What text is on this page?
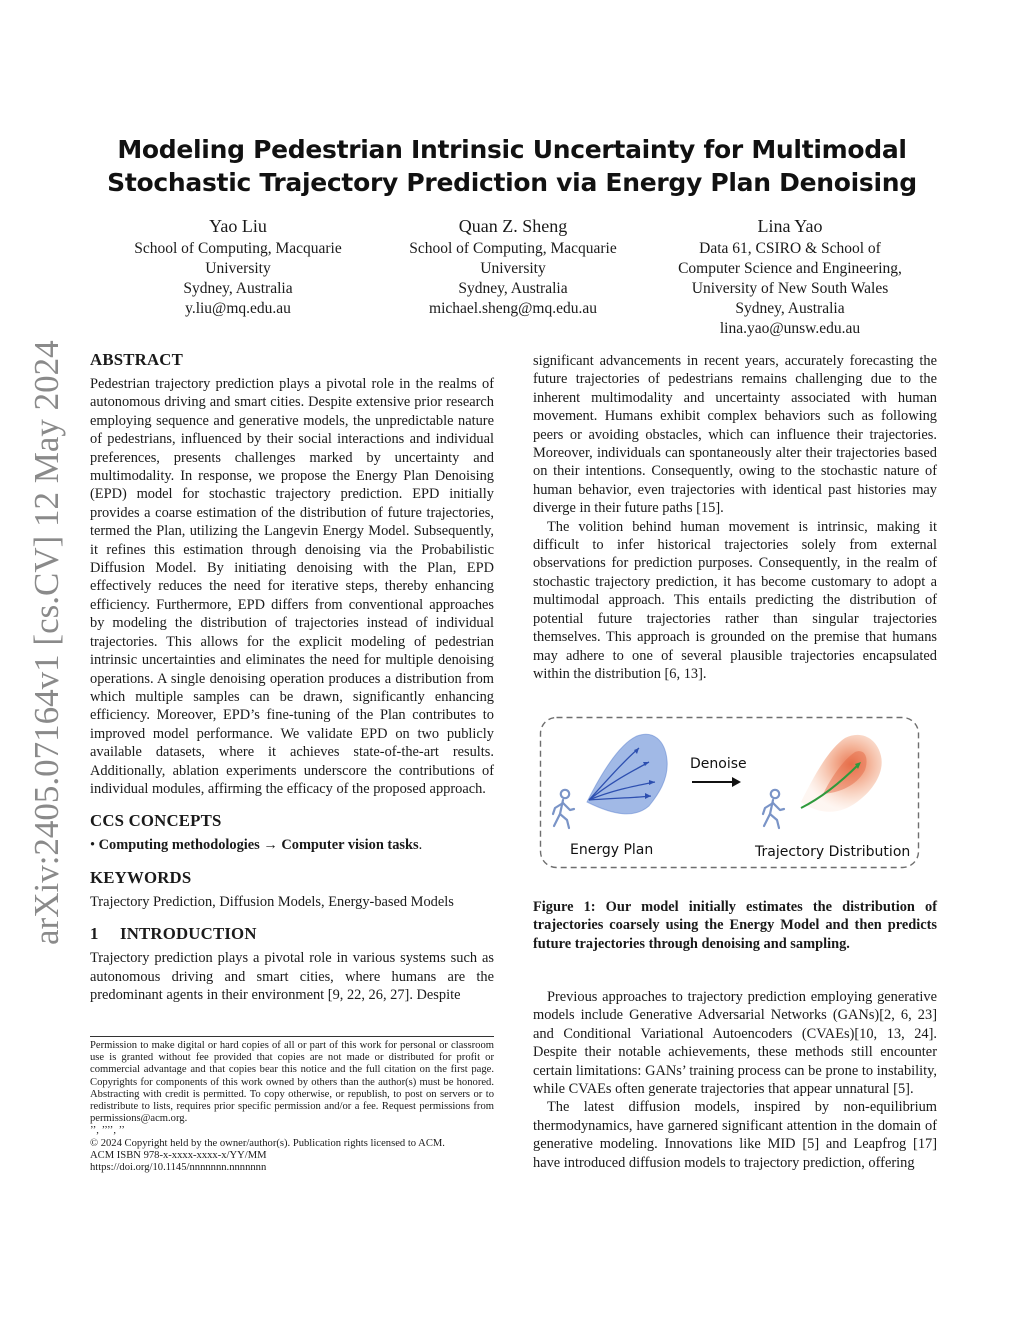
arXiv:2405.07164v1 [cs.CV] 12 May 2024
Modeling Pedestrian Intrinsic Uncertainty for Multimodal
Stochastic Trajectory Prediction via Energy Plan Denoising
Yao Liu
School of Computing, Macquarie
University
Sydney, Australia
y.liu@mq.edu.au
Quan Z. Sheng
School of Computing, Macquarie
University
Sydney, Australia
michael.sheng@mq.edu.au
Lina Yao
Data 61, CSIRO & School of
Computer Science and Engineering,
University of New South Wales
Sydney, Australia
lina.yao@unsw.edu.au
ABSTRACT

Pedestrian trajectory prediction plays a pivotal role in the realms of autonomous driving and smart cities. Despite extensive prior research employing sequence and generative models, the unpredictable nature of pedestrians, influenced by their social interactions and individual preferences, presents challenges marked by uncertainty and multimodality. In response, we propose the Energy Plan Denoising (EPD) model for stochastic trajectory prediction. EPD initially provides a coarse estimation of the distribution of future trajectories, termed the Plan, utilizing the Langevin Energy Model. Subsequently, it refines this estimation through denoising via the Probabilistic Diffusion Model. By initiating denoising with the Plan, EPD effectively reduces the need for iterative steps, thereby enhancing efficiency. Furthermore, EPD differs from conventional approaches by modeling the distribution of trajectories instead of individual trajectories. This allows for the explicit modeling of pedestrian intrinsic uncertainties and eliminates the need for multiple denoising operations. A single denoising operation produces a distribution from which multiple samples can be drawn, significantly enhancing efficiency. Moreover, EPD’s fine-tuning of the Plan contributes to improved model performance. We validate EPD on two publicly available datasets, where it achieves state-of-the-art results. Additionally, ablation experiments underscore the contributions of individual modules, affirming the efficacy of the proposed approach.

CCS CONCEPTS

• Computing methodologies → Computer vision tasks.

KEYWORDS

Trajectory Prediction, Diffusion Models, Energy-based Models

1  INTRODUCTION

Trajectory prediction plays a pivotal role in various systems such as autonomous driving and smart cities, where humans are the predominant agents in their environment [9, 22, 26, 27]. Despite

Permission to make digital or hard copies of all or part of this work for personal or classroom use is granted without fee provided that copies are not made or distributed for profit or commercial advantage and that copies bear this notice and the full citation on the first page. Copyrights for components of this work owned by others than the author(s) must be honored. Abstracting with credit is permitted. To copy otherwise, or republish, to post on servers or to redistribute to lists, requires prior specific permission and/or a fee. Request permissions from permissions@acm.org.

’’, ’’’’, ’’

© 2024 Copyright held by the owner/author(s). Publication rights licensed to ACM.

ACM ISBN 978-x-xxxx-xxxx-x/YY/MM

https://doi.org/10.1145/nnnnnnn.nnnnnnn

significant advancements in recent years, accurately forecasting the future trajectories of pedestrians remains challenging due to the inherent multimodality and uncertainty associated with human movement. Humans exhibit complex behaviors such as following peers or avoiding obstacles, which can influence their trajectories. Moreover, individuals can spontaneously alter their trajectories based on their intentions. Consequently, owing to the stochastic nature of human behavior, even trajectories with identical past histories may diverge in their future paths [15].

The volition behind human movement is intrinsic, making it difficult to infer historical trajectories solely from external observations for prediction purposes. Consequently, in the realm of stochastic trajectory prediction, it has become customary to adopt a multimodal approach. This entails predicting the distribution of potential future trajectories rather than singular trajectories themselves. This approach is grounded on the premise that humans may adhere to one of several plausible trajectories encapsulated within the distribution [6, 13].

Energy Plan
Denoise
Trajectory Distribution
Figure 1: Our model initially estimates the distribution of trajectories coarsely using the Energy Model and then predicts future trajectories through denoising and sampling.

Previous approaches to trajectory prediction employing generative models include Generative Adversarial Networks (GANs)[2, 6, 23] and Conditional Variational Autoencoders (CVAEs)[10, 13, 24]. Despite their notable achievements, these methods still encounter certain limitations: GANs’ training process can be prone to instability, while CVAEs often generate trajectories that appear unnatural [5].

The latest diffusion models, inspired by non-equilibrium thermodynamics, have garnered significant attention in the domain of generative modeling. Innovations like MID [5] and Leapfrog [17] have introduced diffusion models to trajectory prediction, offering
